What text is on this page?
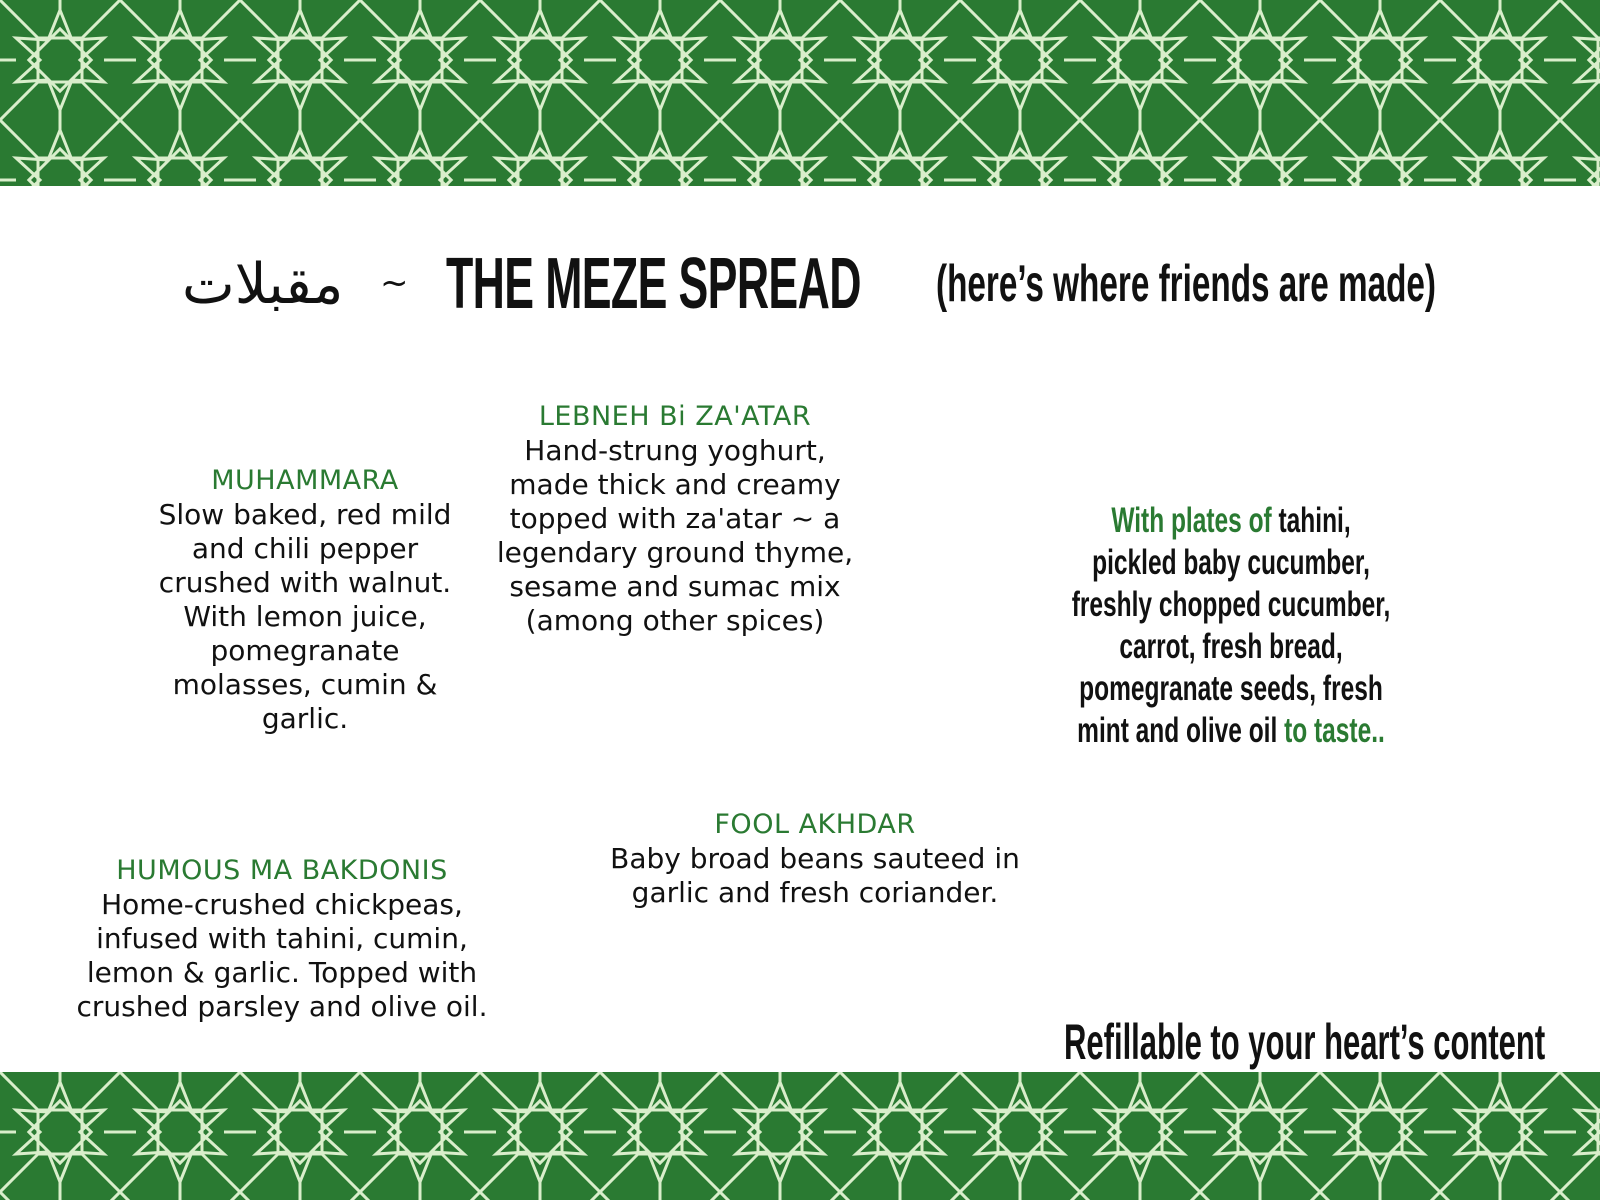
مقبلات ~ THE MEZE SPREAD (here’s where friends are made)
MUHAMMARA
Slow baked, red mild and chili pepper crushed with walnut. With lemon juice, pomegranate molasses, cumin & garlic.
LEBNEH Bi ZA'ATAR
Hand-strung yoghurt, made thick and creamy topped with za'atar ~ a legendary ground thyme, sesame and sumac mix (among other spices)
HUMOUS MA BAKDONIS
Home-crushed chickpeas, infused with tahini, cumin, lemon & garlic. Topped with crushed parsley and olive oil.
FOOL AKHDAR
Baby broad beans sauteed in garlic and fresh coriander.
With plates of tahini, pickled baby cucumber, freshly chopped cucumber, carrot, fresh bread, pomegranate seeds, fresh mint and olive oil to taste..
Refillable to your heart’s content
